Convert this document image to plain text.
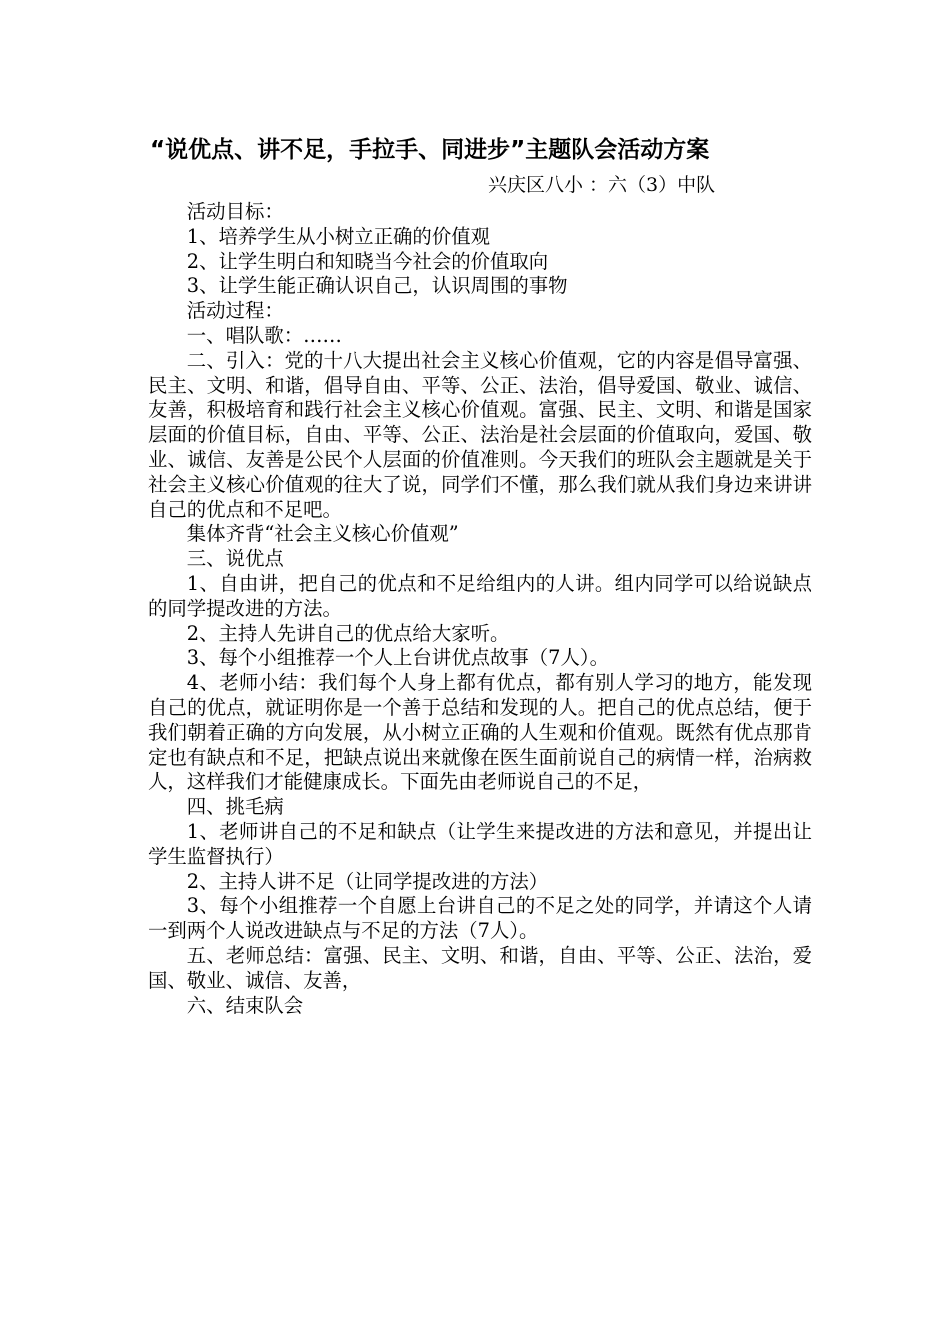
“说优点、讲不足，手拉手、同进步”主题队会活动方案
兴庆区八小 ：六（3）中队

活动目标：

1、培养学生从小树立正确的价值观

2、让学生明白和知晓当今社会的价值取向

3、让学生能正确认识自己，认识周围的事物

活动过程：

一、唱队歌：……

二、引入：党的十八大提出社会主义核心价值观，它的内容是倡导富强、民主、文明、和谐，倡导自由、平等、公正、法治，倡导爱国、敬业、诚信、友善，积极培育和践行社会主义核心价值观。富强、民主、文明、和谐是国家层面的价值目标，自由、平等、公正、法治是社会层面的价值取向，爱国、敬业、诚信、友善是公民个人层面的价值准则。今天我们的班队会主题就是关于社会主义核心价值观的往大了说，同学们不懂，那么我们就从我们身边来讲讲自己的优点和不足吧。

集体齐背“社会主义核心价值观”

三、说优点

1、自由讲，把自己的优点和不足给组内的人讲。组内同学可以给说缺点的同学提改进的方法。

2、主持人先讲自己的优点给大家听。

3、每个小组推荐一个人上台讲优点故事（7人）。

4、老师小结：我们每个人身上都有优点，都有别人学习的地方，能发现自己的优点，就证明你是一个善于总结和发现的人。把自己的优点总结，便于我们朝着正确的方向发展，从小树立正确的人生观和价值观。既然有优点那肯定也有缺点和不足，把缺点说出来就像在医生面前说自己的病情一样，治病救人，这样我们才能健康成长。下面先由老师说自己的不足，

四、挑毛病

1、老师讲自己的不足和缺点（让学生来提改进的方法和意见，并提出让学生监督执行）

2、主持人讲不足（让同学提改进的方法）

3、每个小组推荐一个自愿上台讲自己的不足之处的同学，并请这个人请一到两个人说改进缺点与不足的方法（7人）。

五、老师总结：富强、民主、文明、和谐，自由、平等、公正、法治，爱国、敬业、诚信、友善，

六、结束队会
